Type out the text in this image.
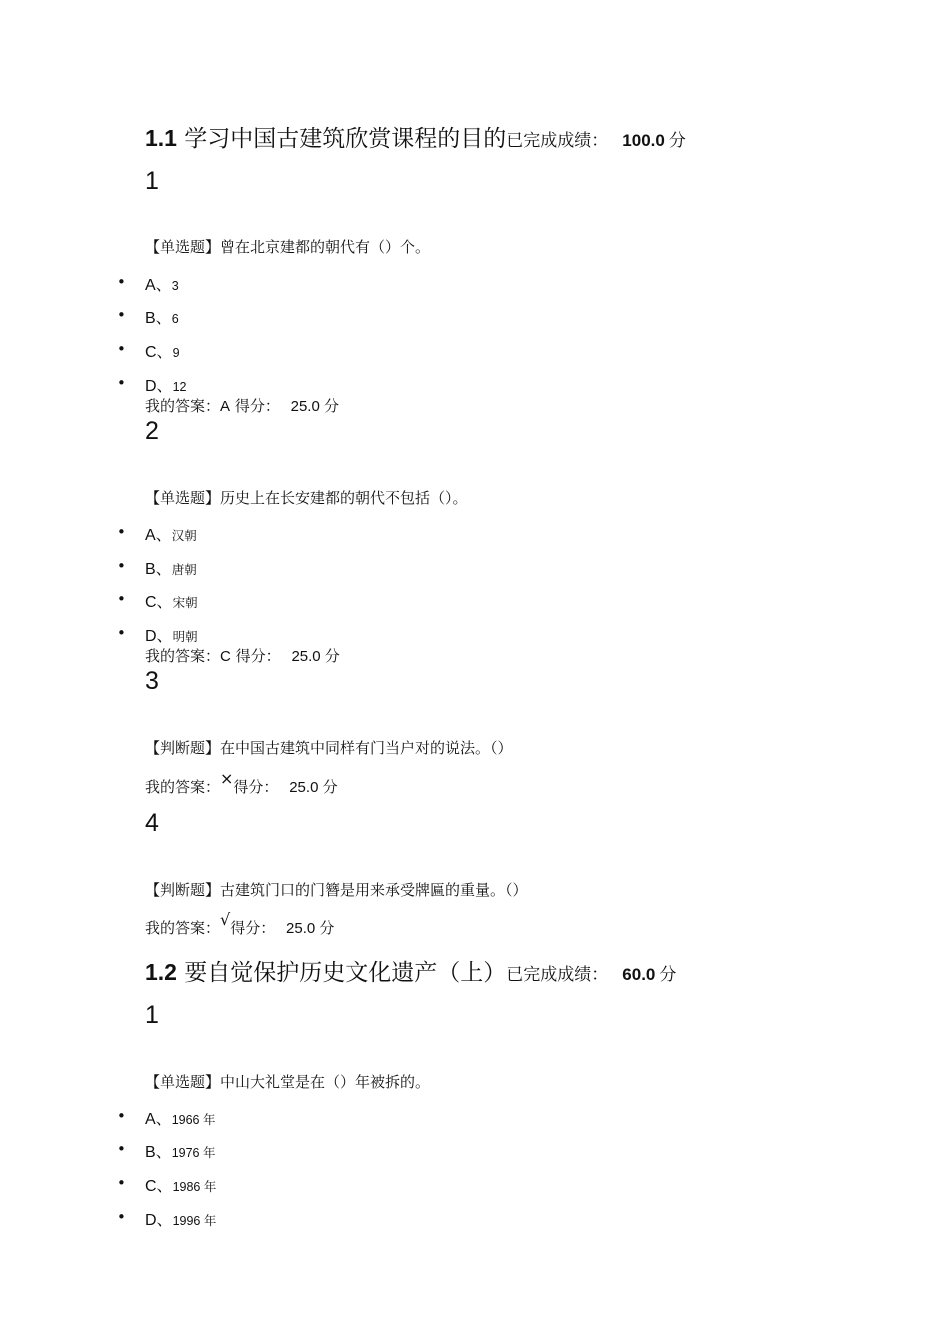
1.1 学习中国古建筑欣赏课程的目的已完成成绩： 100.0 分
1
【单选题】曾在北京建都的朝代有（）个。
• A、3
• B、6
• C、9
• D、12
我的答案：A 得分： 25.0 分
2
【单选题】历史上在长安建都的朝代不包括（）。
• A、汉朝
• B、唐朝
• C、宋朝
• D、明朝
我的答案：C 得分： 25.0 分
3
【判断题】在中国古建筑中同样有门当户对的说法。（）
我的答案：×得分： 25.0 分
4
【判断题】古建筑门口的门簪是用来承受牌匾的重量。（）
我的答案：√得分： 25.0 分
1.2 要自觉保护历史文化遗产（上）已完成成绩： 60.0 分
1
【单选题】中山大礼堂是在（）年被拆的。
• A、1966 年
• B、1976 年
• C、1986 年
• D、1996 年
